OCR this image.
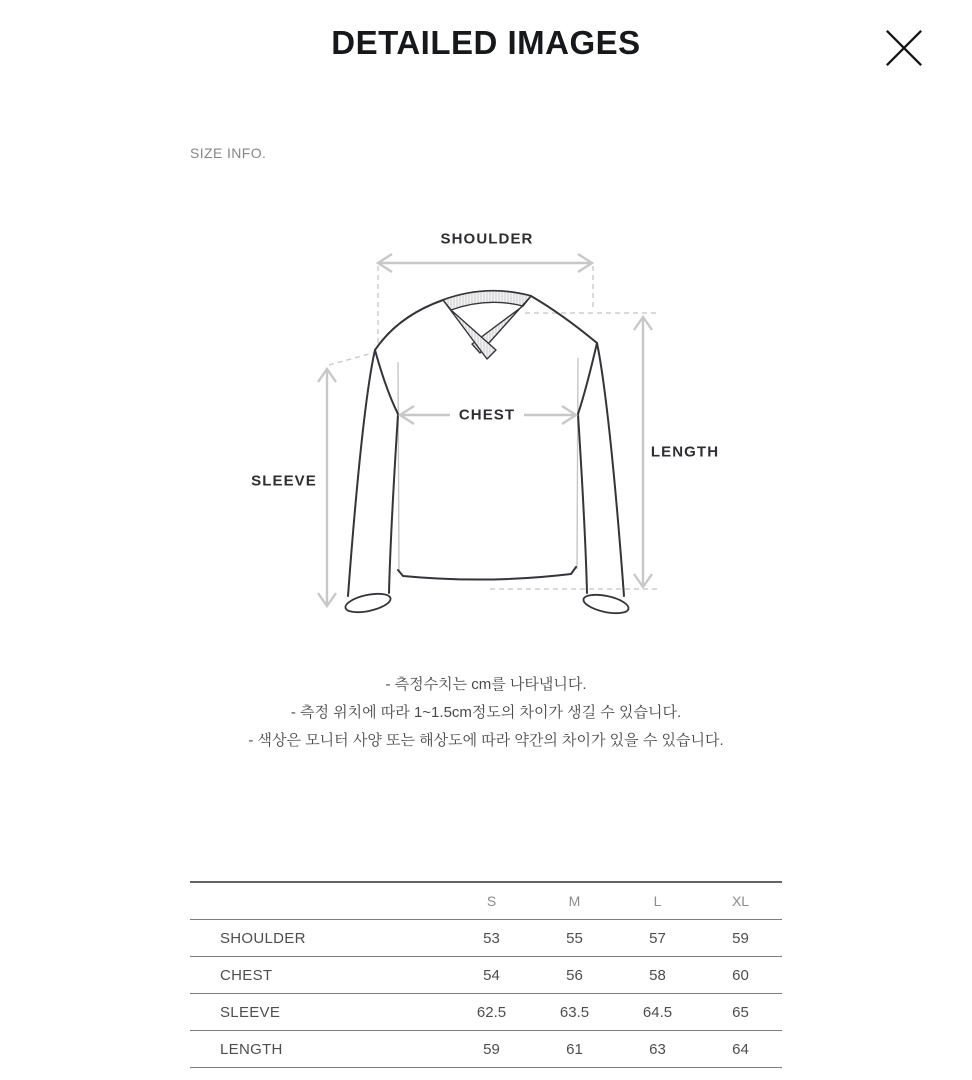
DETAILED IMAGES
SIZE INFO.
SHOULDER
CHEST
SLEEVE
LENGTH
- 측정수치는 cm를 나타냅니다.
- 측정 위치에 따라 1~1.5cm정도의 차이가 생길 수 있습니다.
- 색상은 모니터 사양 또는 해상도에 따라 약간의 차이가 있을 수 있습니다.
	S	M	L	XL
SHOULDER	53	55	57	59
CHEST	54	56	58	60
SLEEVE	62.5	63.5	64.5	65
LENGTH	59	61	63	64
